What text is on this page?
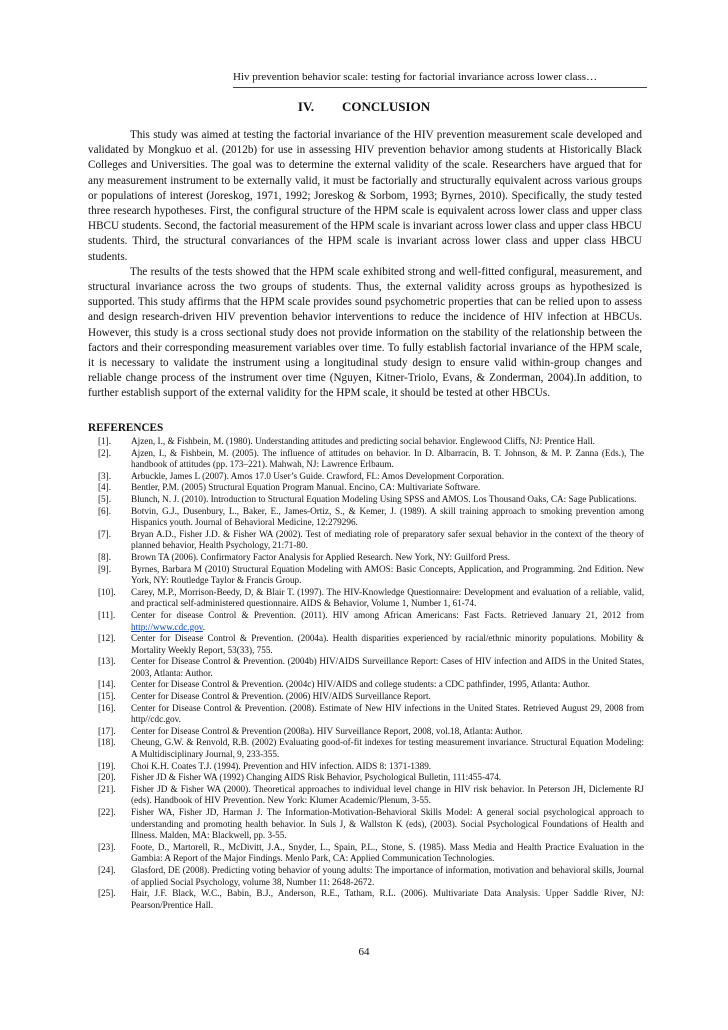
Hiv prevention behavior scale: testing for factorial invariance across lower class…
IV. CONCLUSION

This study was aimed at testing the factorial invariance of the HIV prevention measurement scale developed and validated by Mongkuo et al. (2012b) for use in assessing HIV prevention behavior among students at Historically Black Colleges and Universities. The goal was to determine the external validity of the scale. Researchers have argued that for any measurement instrument to be externally valid, it must be factorially and structurally equivalent across various groups or populations of interest (Joreskog, 1971, 1992; Joreskog & Sorbom, 1993; Byrnes, 2010). Specifically, the study tested three research hypotheses. First, the configural structure of the HPM scale is equivalent across lower class and upper class HBCU students. Second, the factorial measurement of the HPM scale is invariant across lower class and upper class HBCU students. Third, the structural convariances of the HPM scale is invariant across lower class and upper class HBCU students.

The results of the tests showed that the HPM scale exhibited strong and well-fitted configural, measurement, and structural invariance across the two groups of students. Thus, the external validity across groups as hypothesized is supported. This study affirms that the HPM scale provides sound psychometric properties that can be relied upon to assess and design research-driven HIV prevention behavior interventions to reduce the incidence of HIV infection at HBCUs. However, this study is a cross sectional study does not provide information on the stability of the relationship between the factors and their corresponding measurement variables over time. To fully establish factorial invariance of the HPM scale, it is necessary to validate the instrument using a longitudinal study design to ensure valid within-group changes and reliable change process of the instrument over time (Nguyen, Kitner-Triolo, Evans, & Zonderman, 2004).In addition, to further establish support of the external validity for the HPM scale, it should be tested at other HBCUs.

REFERENCES
[1].	Ajzen, I., & Fishbein, M. (1980). Understanding attitudes and predicting social behavior. Englewood Cliffs, NJ: Prentice Hall.
[2].	Ajzen, I., & Fishbein, M. (2005). The influence of attitudes on behavior. In D. Albarracín, B. T. Johnson, & M. P. Zanna (Eds.), The handbook of attitudes (pp. 173–221). Mahwah, NJ: Lawrence Erlbaum.
[3].	Arbuckle, James L (2007). Amos 17.0 User’s Guide. Crawford, FL: Amos Development Corporation.
[4].	Bentler, P.M. (2005) Structural Equation Program Manual. Encino, CA: Multivariate Software.
[5].	Blunch, N. J. (2010). Introduction to Structural Equation Modeling Using SPSS and AMOS. Los Thousand Oaks, CA: Sage Publications.
[6].	Botvin, G.J., Dusenbury, L., Baker, E., James-Ortiz, S., & Kemer, J. (1989). A skill training approach to smoking prevention among Hispanics youth. Journal of Behavioral Medicine, 12:279296.
[7].	Bryan A.D., Fisher J.D. & Fisher WA (2002). Test of mediating role of preparatory safer sexual behavior in the context of the theory of planned behavior, Health Psychology, 21:71-80.
[8].	Brown TA (2006). Confirmatory Factor Analysis for Applied Research. New York, NY: Guilford Press.
[9].	Byrnes, Barbara M (2010) Structural Equation Modeling with AMOS: Basic Concepts, Application, and Programming. 2nd Edition. New York, NY: Routledge Taylor & Francis Group.
[10].	Carey, M.P., Morrison-Beedy, D, & Blair T. (1997). The HIV-Knowledge Questionnaire: Development and evaluation of a reliable, valid, and practical self-administered questionnaire. AIDS & Behavior, Volume 1, Number 1, 61-74.
[11].	Center for disease Control & Prevention. (2011). HIV among African Americans: Fast Facts. Retrieved January 21, 2012 from http://www.cdc.gov.
[12].	Center for Disease Control & Prevention. (2004a). Health disparities experienced by racial/ethnic minority populations. Mobility & Mortality Weekly Report, 53(33), 755.
[13].	Center for Disease Control & Prevention. (2004b) HIV/AIDS Surveillance Report: Cases of HIV infection and AIDS in the United States, 2003, Atlanta: Author.
[14].	Center for Disease Control & Prevention. (2004c) HIV/AIDS and college students: a CDC pathfinder, 1995, Atlanta: Author.
[15].	Center for Disease Control & Prevention. (2006) HIV/AIDS Surveillance Report.
[16].	Center for Disease Control & Prevention. (2008). Estimate of New HIV infections in the United States. Retrieved August 29, 2008 from http//cdc.gov.
[17].	Center for Disease Control & Prevention (2008a). HIV Surveillance Report, 2008, vol.18, Atlanta: Author.
[18].	Cheung, G.W. & Renvold, R.B. (2002) Evaluating good-of-fit indexes for testing measurement invariance. Structural Equation Modeling: A Multidisciplinary Journal, 9, 233-355.
[19].	Choi K.H. Coates T.J. (1994). Prevention and HIV infection. AIDS 8: 1371-1389.
[20].	Fisher JD & Fisher WA (1992) Changing AIDS Risk Behavior, Psychological Bulletin, 111:455-474.
[21].	Fisher JD & Fisher WA (2000). Theoretical approaches to individual level change in HIV risk behavior. In Peterson JH, Diclemente RJ (eds). Handbook of HIV Prevention. New York: Klumer Academic/Plenum, 3-55.
[22].	Fisher WA, Fisher JD, Harman J. The Information-Motivation-Behavioral Skills Model: A general social psychological approach to understanding and promoting health behavior. In Suls J, & Wallston K (eds), (2003). Social Psychological Foundations of Health and Illness. Malden, MA: Blackwell, pp. 3-55.
[23].	Foote, D., Martorell, R., McDivitt, J.A., Snyder, L., Spain, P.L., Stone, S. (1985). Mass Media and Health Practice Evaluation in the Gambia: A Report of the Major Findings. Menlo Park, CA: Applied Communication Technologies.
[24].	Glasford, DE (2008). Predicting voting behavior of young adults: The importance of information, motivation and behavioral skills, Journal of applied Social Psychology, volume 38, Number 11: 2648-2672.
[25].	Hair, J.F. Black, W.C., Babin, B.J., Anderson, R.E., Tatham, R.L. (2006). Multivariate Data Analysis. Upper Saddle River, NJ: Pearson/Prentice Hall.
64
